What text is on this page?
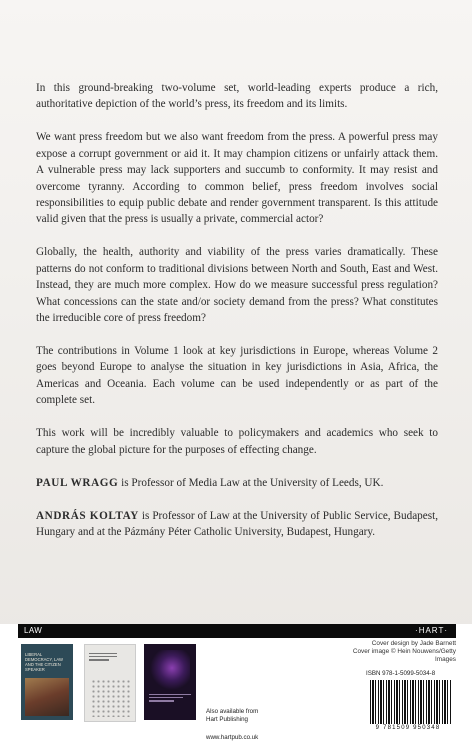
In this ground-breaking two-volume set, world-leading experts produce a rich, authoritative depiction of the world’s press, its freedom and its limits.

We want press freedom but we also want freedom from the press. A powerful press may expose a corrupt government or aid it. It may champion citizens or unfairly attack them. A vulnerable press may lack supporters and succumb to conformity. It may resist and overcome tyranny. According to common belief, press freedom involves social responsibilities to equip public debate and render government transparent. Is this attitude valid given that the press is usually a private, commercial actor?

Globally, the health, authority and viability of the press varies dramatically. These patterns do not conform to traditional divisions between North and South, East and West. Instead, they are much more complex. How do we measure successful press regulation? What concessions can the state and/or society demand from the press? What constitutes the irreducible core of press freedom?

The contributions in Volume 1 look at key jurisdictions in Europe, whereas Volume 2 goes beyond Europe to analyse the situation in key jurisdictions in Asia, Africa, the Americas and Oceania. Each volume can be used independently or as part of the complete set.

This work will be incredibly valuable to policymakers and academics who seek to capture the global picture for the purposes of effecting change.

PAUL WRAGG is Professor of Media Law at the University of Leeds, UK.

ANDRÁS KOLTAY is Professor of Law at the University of Public Service, Budapest, Hungary and at the Pázmány Péter Catholic University, Budapest, Hungary.

LAW	·HART·
Cover design by Jade Barnett
Cover image © Hein Nouwens/Getty Images
LIBERAL DEMOCRACY, LAW AND THE CITIZEN SPEAKER
Also available from
Hart Publishing
www.hartpub.co.uk
ISBN 978-1-5099-5034-8
9 781509 950348
